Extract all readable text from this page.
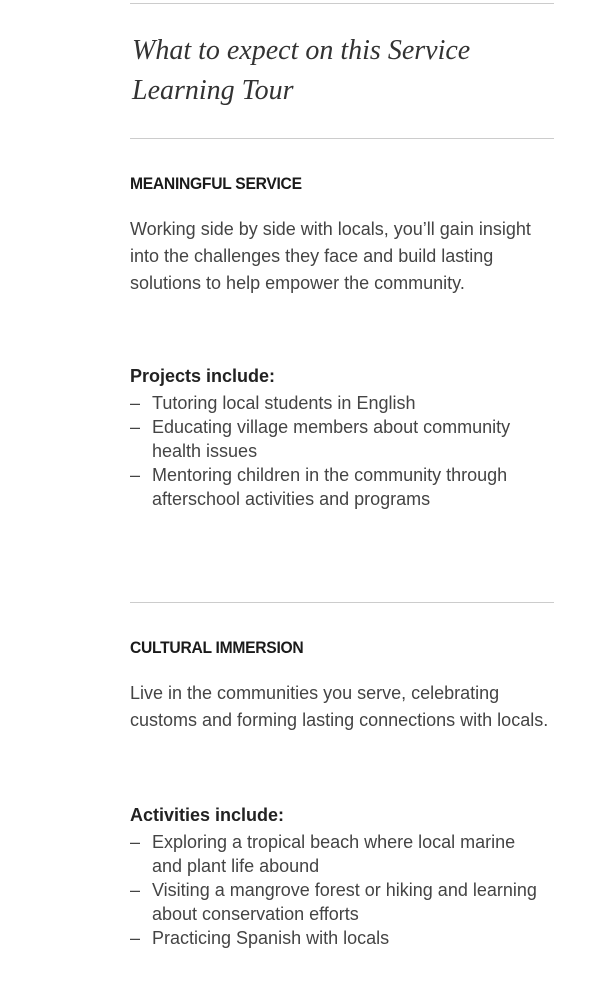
What to expect on this Service Learning Tour
MEANINGFUL SERVICE

Working side by side with locals, you’ll gain insight into the challenges they face and build lasting solutions to help empower the community.

Projects include:

– Tutoring local students in English
– Educating village members about community health issues
– Mentoring children in the community through afterschool activities and programs
CULTURAL IMMERSION

Live in the communities you serve, celebrating customs and forming lasting connections with locals.

Activities include:

– Exploring a tropical beach where local marine and plant life abound
– Visiting a mangrove forest or hiking and learning about conservation efforts
– Practicing Spanish with locals
